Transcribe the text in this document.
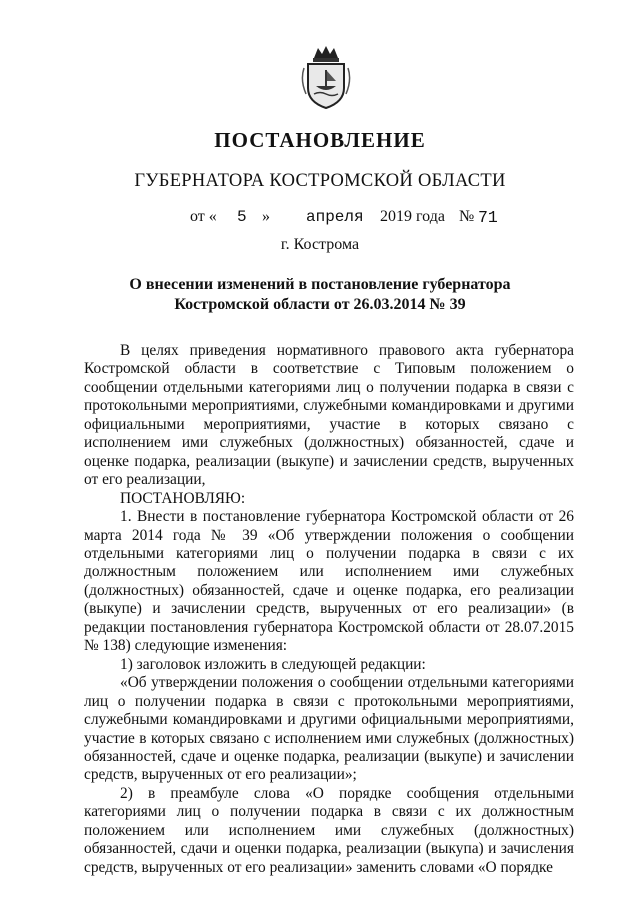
ПОСТАНОВЛЕНИЕ
ГУБЕРНАТОРА КОСТРОМСКОЙ ОБЛАСТИ
от « 5 » апреля 2019 года № 71
г. Кострома
О внесении изменений в постановление губернатора
Костромской области от 26.03.2014 № 39

В целях приведения нормативного правового акта губернатора Костромской области в соответствие с Типовым положением о сообщении отдельными категориями лиц о получении подарка в связи с протокольными мероприятиями, служебными командировками и другими официальными мероприятиями, участие в которых связано с исполнением ими служебных (должностных) обязанностей, сдаче и оценке подарка, реализации (выкупе) и зачислении средств, вырученных от его реализации,

ПОСТАНОВЛЯЮ:

1. Внести в постановление губернатора Костромской области от 26 марта 2014 года № 39 «Об утверждении положения о сообщении отдельными категориями лиц о получении подарка в связи с их должностным положением или исполнением ими служебных (должностных) обязанностей, сдаче и оценке подарка, его реализации (выкупе) и зачислении средств, вырученных от его реализации» (в редакции постановления губернатора Костромской области от 28.07.2015 № 138) следующие изменения:

1) заголовок изложить в следующей редакции:

«Об утверждении положения о сообщении отдельными категориями лиц о получении подарка в связи с протокольными мероприятиями, служебными командировками и другими официальными мероприятиями, участие в которых связано с исполнением ими служебных (должностных) обязанностей, сдаче и оценке подарка, реализации (выкупе) и зачислении средств, вырученных от его реализации»;

2) в преамбуле слова «О порядке сообщения отдельными категориями лиц о получении подарка в связи с их должностным положением или исполнением ими служебных (должностных) обязанностей, сдачи и оценки подарка, реализации (выкупа) и зачисления средств, вырученных от его реализации» заменить словами «О порядке
